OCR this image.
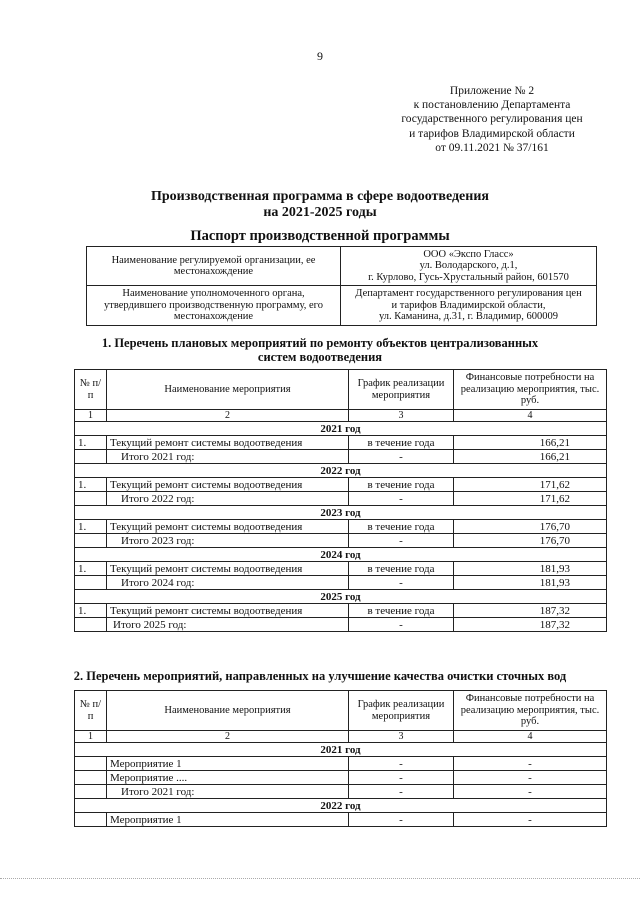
9
Приложение № 2
к постановлению Департамента
государственного регулирования цен
и тарифов Владимирской области
от 09.11.2021 № 37/161
Производственная программа в сфере водоотведения
на 2021-2025 годы
Паспорт производственной программы
Наименование регулируемой организации, ее местонахождение	ООО «Экспо Гласс»
ул. Володарского, д.1,
г. Курлово, Гусь-Хрустальный район, 601570

Наименование уполномоченного органа, утвердившего производственную программу, его местонахождение	Департамент государственного регулирования цен
и тарифов Владимирской области,
ул. Каманина, д.31, г. Владимир, 600009
1. Перечень плановых мероприятий по ремонту объектов централизованных
систем водоотведения
№ п/п	Наименование мероприятия	График реализации мероприятия	Финансовые потребности на реализацию мероприятия, тыс. руб.
1	2	3	4
2021 год			
1.	Текущий ремонт системы водоотведения	в течение года	166,21
	Итого 2021 год:	-	166,21
2022 год			
1.	Текущий ремонт системы водоотведения	в течение года	171,62
	Итого 2022 год:	-	171,62
2023 год			
1.	Текущий ремонт системы водоотведения	в течение года	176,70
	Итого 2023 год:	-	176,70
2024 год			
1.	Текущий ремонт системы водоотведения	в течение года	181,93
	Итого 2024 год:	-	181,93
2025 год			
1.	Текущий ремонт системы водоотведения	в течение года	187,32
	Итого 2025 год:	-	187,32
2. Перечень мероприятий, направленных на улучшение качества очистки сточных вод
№ п/п	Наименование мероприятия	График реализации мероприятия	Финансовые потребности на реализацию мероприятия, тыс. руб.
1	2	3	4
2021 год			
	Мероприятие 1	-	-
	Мероприятие ....	-	-
	Итого 2021 год:	-	-
2022 год			
	Мероприятие 1	-	-
